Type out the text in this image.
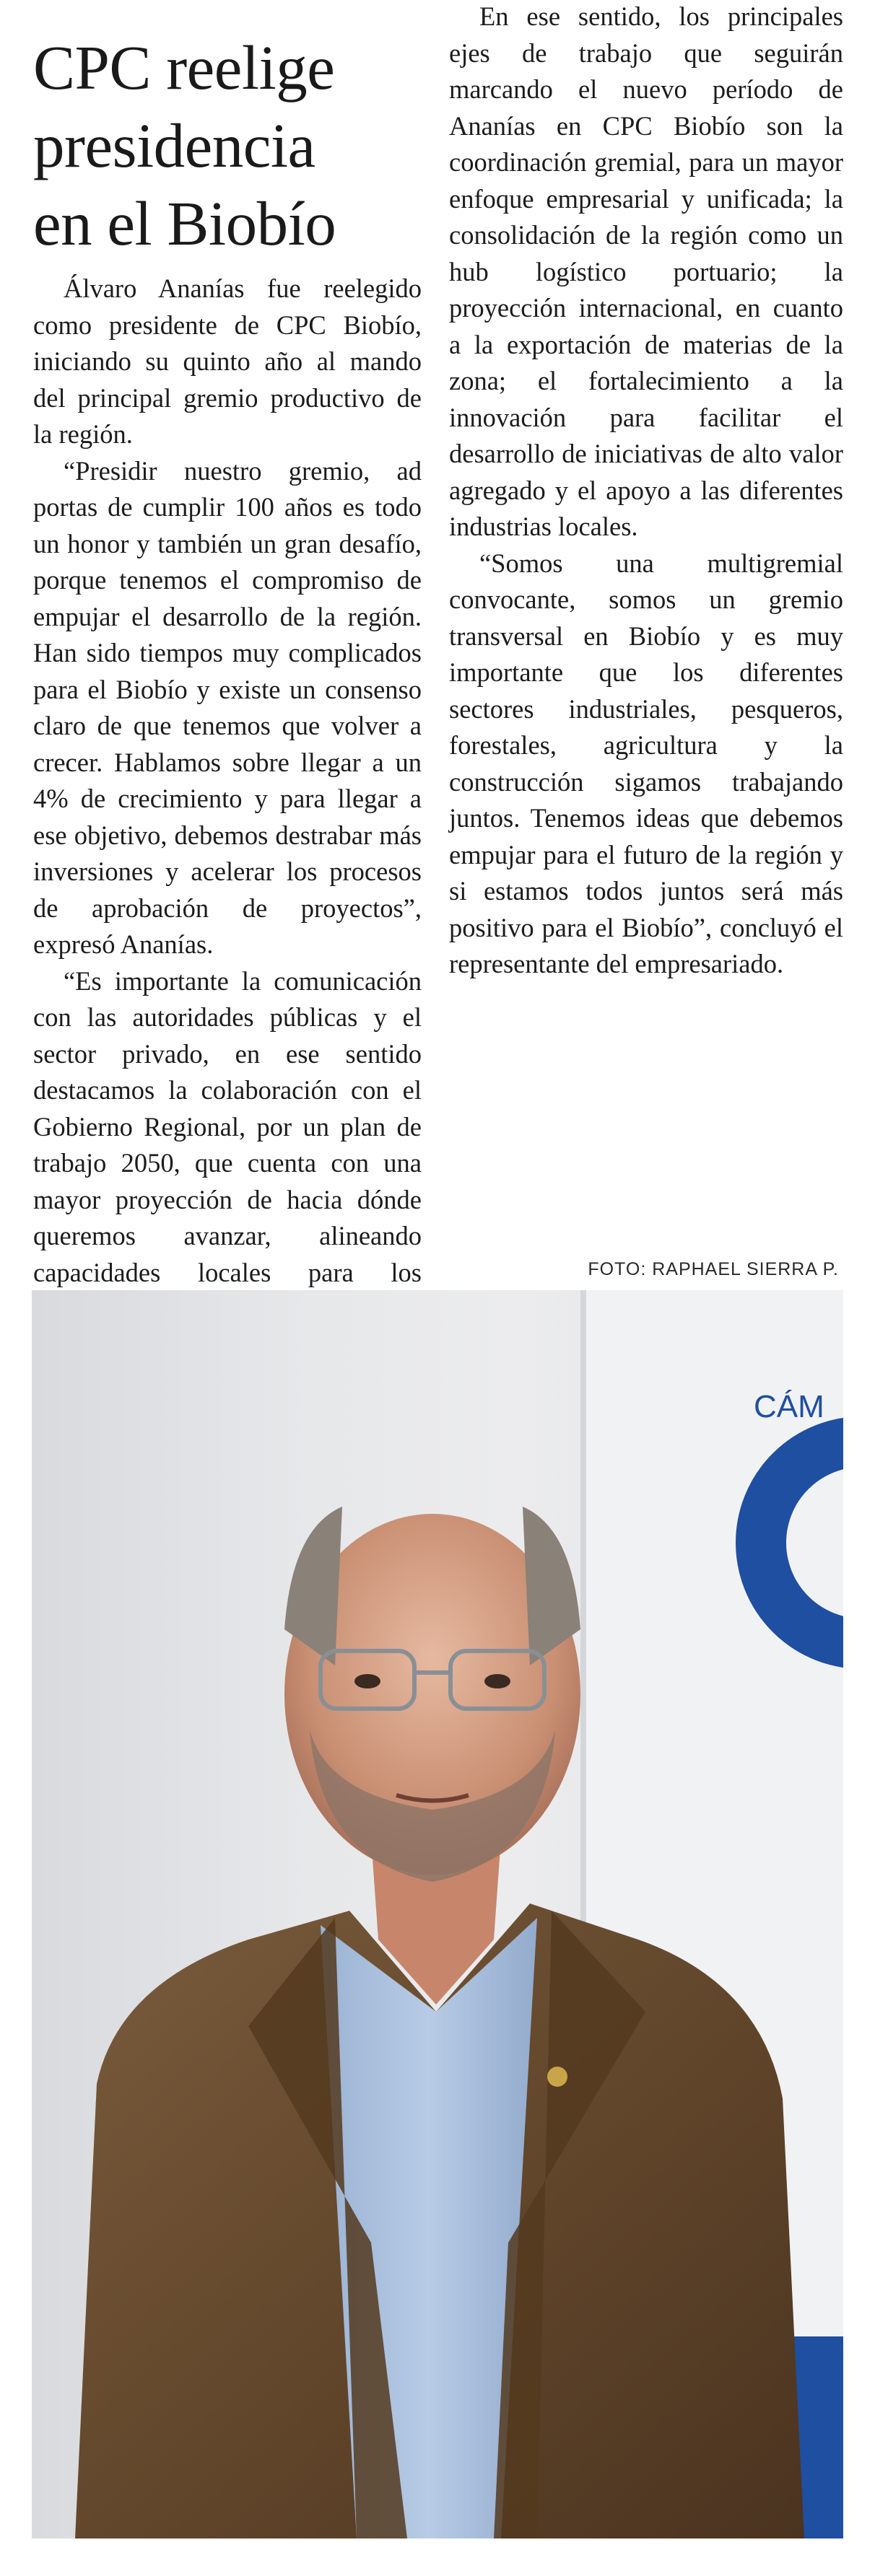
CPC reelige
presidencia
en el Biobío

Álvaro Ananías fue reelegido como presidente de CPC Biobío, iniciando su quinto año al mando del principal gremio productivo de la región.

“Presidir nuestro gremio, ad portas de cumplir 100 años es todo un honor y también un gran desafío, porque tenemos el compromiso de empujar el desarrollo de la región. Han sido tiempos muy complicados para el Biobío y existe un consenso claro de que tenemos que volver a crecer. Hablamos sobre llegar a un 4% de crecimiento y para llegar a ese objetivo, debemos destrabar más inversiones y acelerar los procesos de aprobación de proyectos”, expresó Ananías.

“Es importante la comunicación con las autoridades públicas y el sector privado, en ese sentido destacamos la colaboración con el Gobierno Regional, por un plan de trabajo 2050, que cuenta con una mayor proyección de hacia dónde queremos avanzar, alineando capacidades locales para los

En ese sentido, los principales ejes de trabajo que seguirán marcando el nuevo período de Ananías en CPC Biobío son la coordinación gremial, para un mayor enfoque empresarial y unificada; la consolidación de la región como un hub logístico portuario; la proyección internacional, en cuanto a la exportación de materias de la zona; el fortalecimiento a la innovación para facilitar el desarrollo de iniciativas de alto valor agregado y el apoyo a las diferentes industrias locales.

“Somos una multigremial convocante, somos un gremio transversal en Biobío y es muy importante que los diferentes sectores industriales, pesqueros, forestales, agricultura y la construcción sigamos trabajando juntos. Tenemos ideas que debemos empujar para el futuro de la región y si estamos todos juntos será más positivo para el Biobío”, concluyó el representante del empresariado.

FOTO: RAPHAEL SIERRA P.
CÁM
